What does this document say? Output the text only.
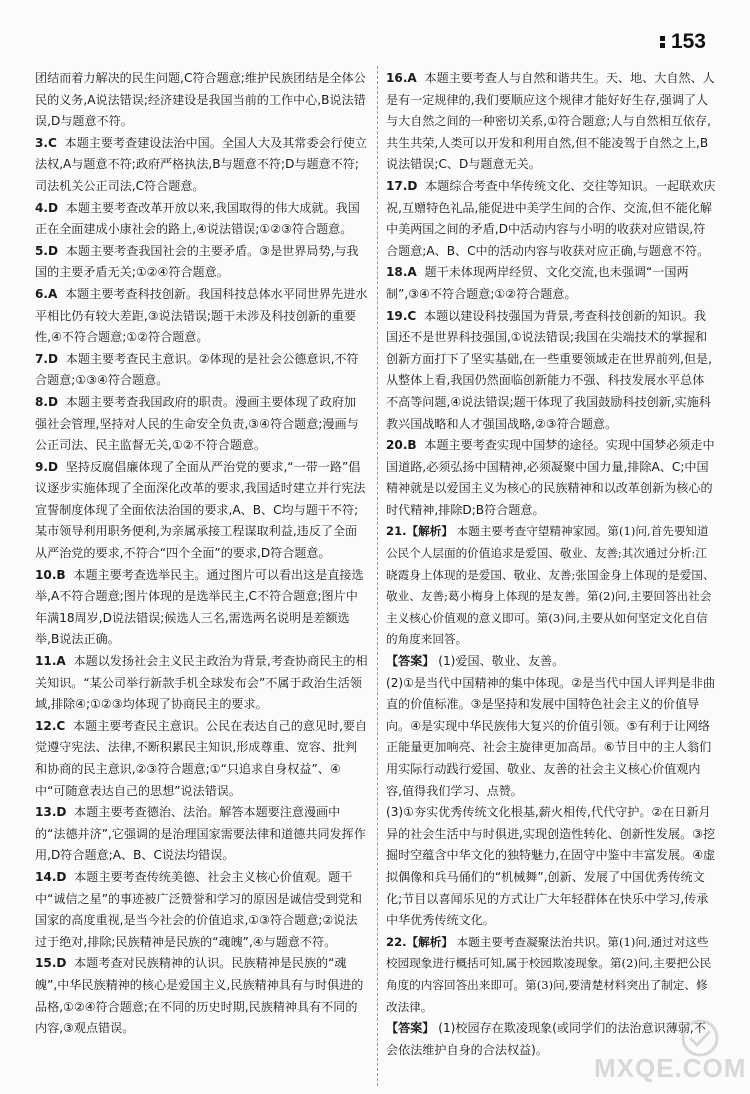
153

团结而着力解决的民生问题,C符合题意;维护民族团结是全体公民的义务,A说法错误;经济建设是我国当前的工作中心,B说法错误,D与题意不符。

3.C 本题主要考查建设法治中国。全国人大及其常委会行使立法权,A与题意不符;政府严格执法,B与题意不符;D与题意不符;司法机关公正司法,C符合题意。

4.D 本题主要考查改革开放以来,我国取得的伟大成就。我国正在全面建成小康社会的路上,④说法错误;①②③符合题意。

5.D 本题主要考查我国社会的主要矛盾。③是世界局势,与我国的主要矛盾无关;①②④符合题意。

6.A 本题主要考查科技创新。我国科技总体水平同世界先进水平相比仍有较大差距,③说法错误;题干未涉及科技创新的重要性,④不符合题意;①②符合题意。

7.D 本题主要考查民主意识。②体现的是社会公德意识,不符合题意;①③④符合题意。

8.D 本题主要考查我国政府的职责。漫画主要体现了政府加强社会管理,坚持对人民的生命安全负责,③④符合题意;漫画与公正司法、民主监督无关,①②不符合题意。

9.D 坚持反腐倡廉体现了全面从严治党的要求,“一带一路”倡议逐步实施体现了全面深化改革的要求,我国适时建立并行宪法宣誓制度体现了全面依法治国的要求,A、B、C均与题干不符;某市领导利用职务便利,为亲属承接工程谋取利益,违反了全面从严治党的要求,不符合“四个全面”的要求,D符合题意。

10.B 本题主要考查选举民主。通过图片可以看出这是直接选举,A不符合题意;图片体现的是选举民主,C不符合题意;图片中年满18周岁,D说法错误;候选人三名,需选两名说明是差额选举,B说法正确。

11.A 本题以发扬社会主义民主政治为背景,考查协商民主的相关知识。“某公司举行新款手机全球发布会”不属于政治生活领域,排除④;①②③均体现了协商民主的要求。

12.C 本题主要考查民主意识。公民在表达自己的意见时,要自觉遵守宪法、法律,不断积累民主知识,形成尊重、宽容、批判和协商的民主意识,②③符合题意;①“只追求自身权益”、④中“可随意表达自己的思想”说法错误。

13.D 本题主要考查德治、法治。解答本题要注意漫画中的“法德并济”,它强调的是治理国家需要法律和道德共同发挥作用,D符合题意;A、B、C说法均错误。

14.D 本题主要考查传统美德、社会主义核心价值观。题干中“诚信之星”的事迹被广泛赞誉和学习的原因是诚信受到党和国家的高度重视,是当今社会的价值追求,①③符合题意;②说法过于绝对,排除;民族精神是民族的“魂魄”,④与题意不符。

15.D 本题考查对民族精神的认识。民族精神是民族的“魂魄”,中华民族精神的核心是爱国主义,民族精神具有与时俱进的品格,①②④符合题意;在不同的历史时期,民族精神具有不同的内容,③观点错误。

16.A 本题主要考查人与自然和谐共生。天、地、大自然、人是有一定规律的,我们要顺应这个规律才能好好生存,强调了人与大自然之间的一种密切关系,①符合题意;人与自然相互依存,共生共荣,人类可以开发和利用自然,但不能凌驾于自然之上,B说法错误;C、D与题意无关。

17.D 本题综合考查中华传统文化、交往等知识。一起联欢庆祝,互赠特色礼品,能促进中美学生间的合作、交流,但不能化解中美两国之间的矛盾,D中活动内容与小明的收获对应错误,符合题意;A、B、C中的活动内容与收获对应正确,与题意不符。

18.A 题干未体现两岸经贸、文化交流,也未强调“一国两制”,③④不符合题意;①②符合题意。

19.C 本题以建设科技强国为背景,考查科技创新的知识。我国还不是世界科技强国,①说法错误;我国在尖端技术的掌握和创新方面打下了坚实基础,在一些重要领域走在世界前列,但是,从整体上看,我国仍然面临创新能力不强、科技发展水平总体不高等问题,④说法错误;题干体现了我国鼓励科技创新,实施科教兴国战略和人才强国战略,②③符合题意。

20.B 本题主要考查实现中国梦的途径。实现中国梦必须走中国道路,必须弘扬中国精神,必须凝聚中国力量,排除A、C;中国精神就是以爱国主义为核心的民族精神和以改革创新为核心的时代精神,排除D;B符合题意。

21.【解析】 本题主要考查守望精神家园。第(1)问,首先要知道公民个人层面的价值追求是爱国、敬业、友善;其次通过分析:江晓霞身上体现的是爱国、敬业、友善;张国金身上体现的是爱国、敬业、友善;葛小梅身上体现的是友善。第(2)问,主要回答出社会主义核心价值观的意义即可。第(3)问,主要从如何坚定文化自信的角度来回答。

【答案】 (1)爱国、敬业、友善。
(2)①是当代中国精神的集中体现。②是当代中国人评判是非曲直的价值标准。③是坚持和发展中国特色社会主义的价值导向。④是实现中华民族伟大复兴的价值引领。⑤有利于让网络正能量更加响亮、社会主旋律更加高昂。⑥节目中的主人翁们用实际行动践行爱国、敬业、友善的社会主义核心价值观内容,值得我们学习、点赞。
(3)①夯实优秀传统文化根基,薪火相传,代代守护。②在日新月异的社会生活中与时俱进,实现创造性转化、创新性发展。③挖掘时空蕴含中华文化的独特魅力,在固守中鉴中丰富发展。④虚拟偶像和兵马俑们的“机械舞”,创新、发展了中国优秀传统文化;节目以喜闻乐见的方式让广大年轻群体在快乐中学习,传承中华优秀传统文化。

22.【解析】 本题主要考查凝聚法治共识。第(1)问,通过对这些校园现象进行概括可知,属于校园欺凌现象。第(2)问,主要把公民角度的内容回答出来即可。第(3)问,要清楚材料突出了制定、修改法律。

【答案】 (1)校园存在欺凌现象(或同学们的法治意识薄弱,不会依法维护自身的合法权益)。

MXQE.COM
